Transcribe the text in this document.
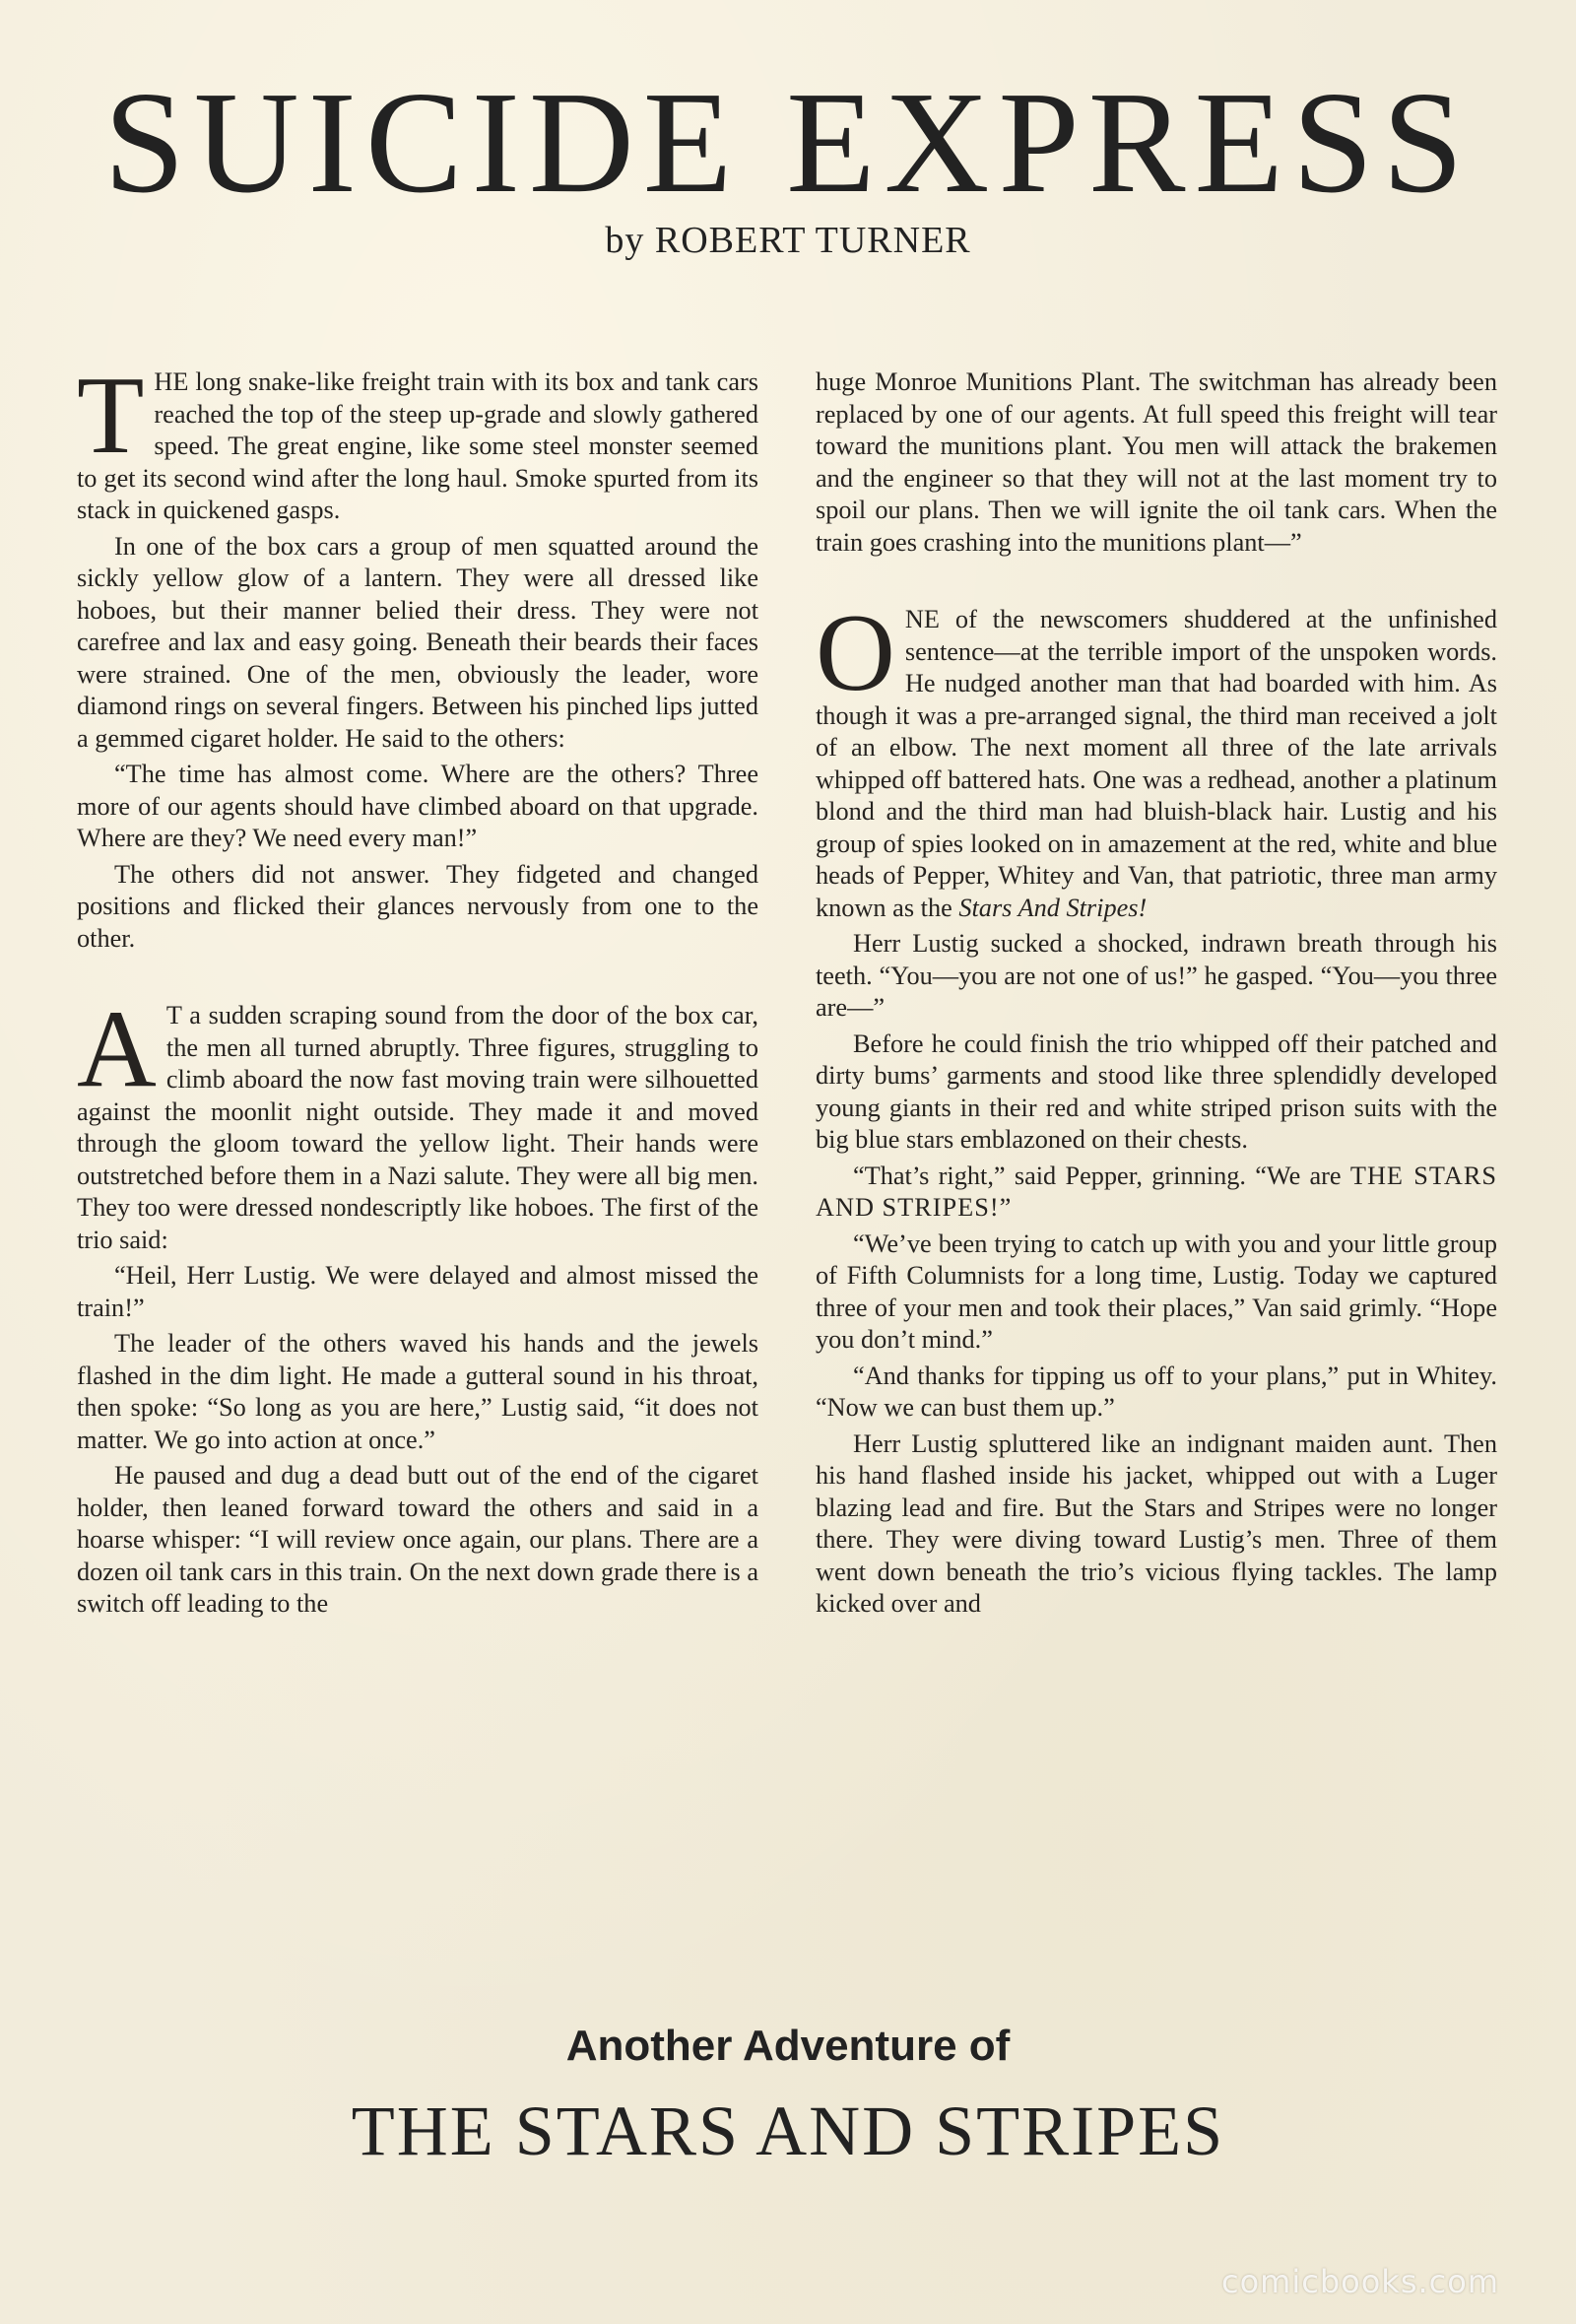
SUICIDE EXPRESS

by ROBERT TURNER

THE long snake-like freight train with its box and tank cars reached the top of the steep up-grade and slowly gathered speed. The great engine, like some steel monster seemed to get its second wind after the long haul. Smoke spurted from its stack in quickened gasps.

In one of the box cars a group of men squatted around the sickly yellow glow of a lantern. They were all dressed like hoboes, but their manner belied their dress. They were not carefree and lax and easy going. Beneath their beards their faces were strained. One of the men, obviously the leader, wore diamond rings on several fingers. Between his pinched lips jutted a gemmed cigaret holder. He said to the others:

“The time has almost come. Where are the others? Three more of our agents should have climbed aboard on that upgrade. Where are they? We need every man!”

The others did not answer. They fidgeted and changed positions and flicked their glances nervously from one to the other.

A T a sudden scraping sound from the door of the box car, the men all turned abruptly. Three figures, struggling to climb aboard the now fast moving train were silhouetted against the moonlit night outside. They made it and moved through the gloom toward the yellow light. Their hands were outstretched before them in a Nazi salute. They were all big men. They too were dressed nondescriptly like hoboes. The first of the trio said:

“Heil, Herr Lustig. We were delayed and almost missed the train!”

The leader of the others waved his hands and the jewels flashed in the dim light. He made a gutteral sound in his throat, then spoke: “So long as you are here,” Lustig said, “it does not matter. We go into action at once.”

He paused and dug a dead butt out of the end of the cigaret holder, then leaned forward toward the others and said in a hoarse whisper: “I will review once again, our plans. There are a dozen oil tank cars in this train. On the next down grade there is a switch off leading to the

huge Monroe Munitions Plant. The switchman has already been replaced by one of our agents. At full speed this freight will tear toward the munitions plant. You men will attack the brakemen and the engineer so that they will not at the last moment try to spoil our plans. Then we will ignite the oil tank cars. When the train goes crashing into the munitions plant—”

ONE of the newscomers shuddered at the unfinished sentence—at the terrible import of the unspoken words. He nudged another man that had boarded with him. As though it was a pre-arranged signal, the third man received a jolt of an elbow. The next moment all three of the late arrivals whipped off battered hats. One was a redhead, another a platinum blond and the third man had bluish-black hair. Lustig and his group of spies looked on in amazement at the red, white and blue heads of Pepper, Whitey and Van, that patriotic, three man army known as the Stars And Stripes!

Herr Lustig sucked a shocked, indrawn breath through his teeth. “You—you are not one of us!” he gasped. “You—you three are—”

Before he could finish the trio whipped off their patched and dirty bums’ garments and stood like three splendidly developed young giants in their red and white striped prison suits with the big blue stars emblazoned on their chests.

“That’s right,” said Pepper, grinning. “We are THE STARS AND STRIPES!”

“We’ve been trying to catch up with you and your little group of Fifth Columnists for a long time, Lustig. Today we captured three of your men and took their places,” Van said grimly. “Hope you don’t mind.”

“And thanks for tipping us off to your plans,” put in Whitey. “Now we can bust them up.”

Herr Lustig spluttered like an indignant maiden aunt. Then his hand flashed inside his jacket, whipped out with a Luger blazing lead and fire. But the Stars and Stripes were no longer there. They were diving toward Lustig’s men. Three of them went down beneath the trio’s vicious flying tackles. The lamp kicked over and

Another Adventure of

THE STARS AND STRIPES

comicbooks.com
